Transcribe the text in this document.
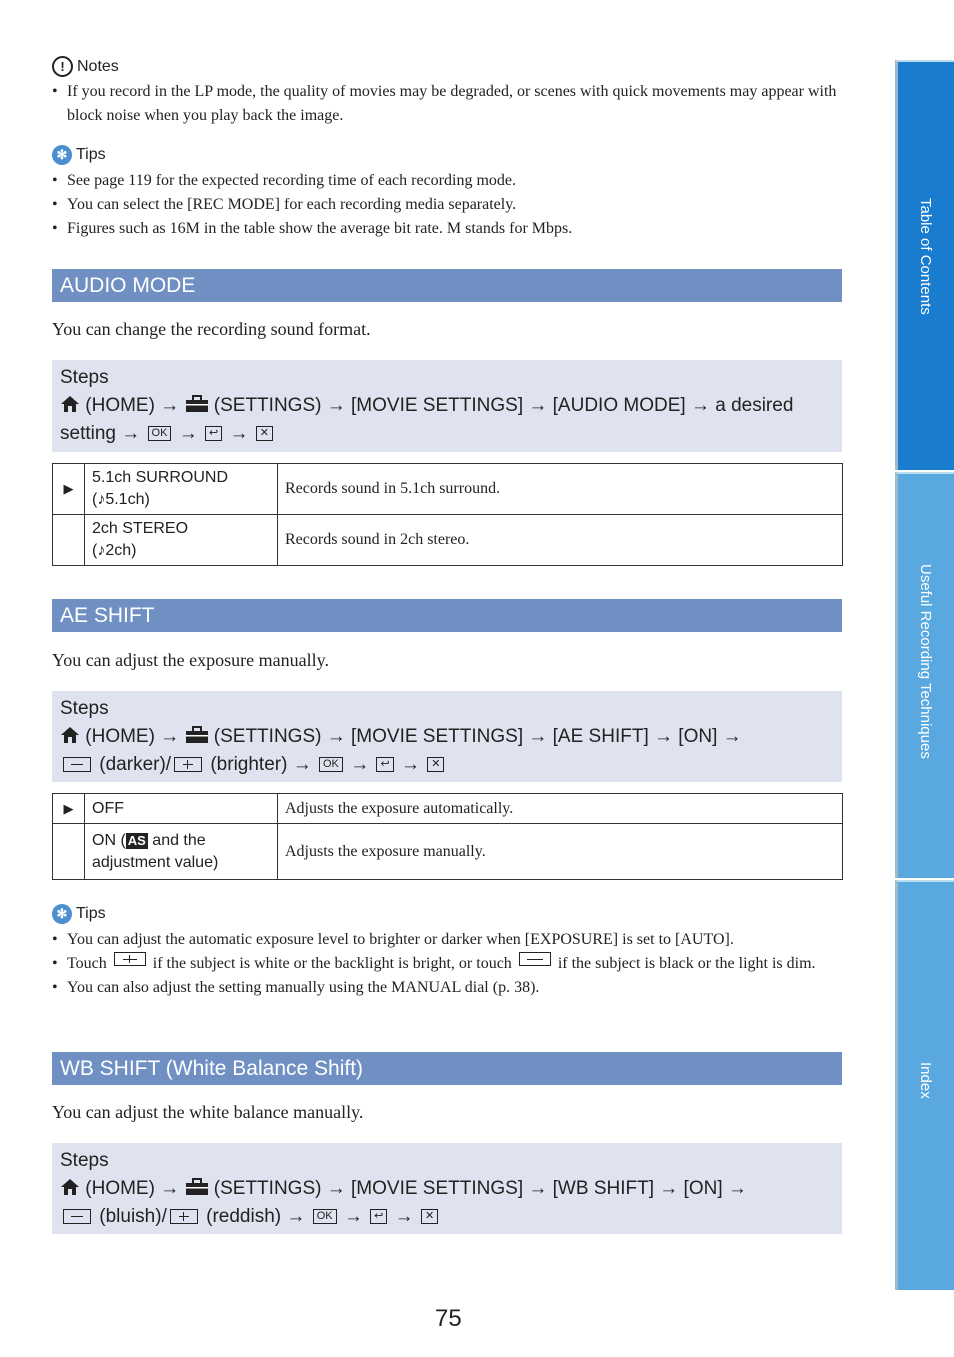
! Notes
• If you record in the LP mode, the quality of movies may be degraded, or scenes with quick movements may appear with block noise when you play back the image.
✻ Tips
• See page 119 for the expected recording time of each recording mode.
• You can select the [REC MODE] for each recording media separately.
• Figures such as 16M in the table show the average bit rate. M stands for Mbps.
AUDIO MODE
You can change the recording sound format.
Steps
(HOME) → (SETTINGS) → [MOVIE SETTINGS] → [AUDIO MODE] → a desired setting → OK → ↩ → ✕
▶	5.1ch SURROUND
(♪5.1ch)	Records sound in 5.1ch surround.

	2ch STEREO
(♪2ch)	Records sound in 2ch stereo.
AE SHIFT
You can adjust the exposure manually.
Steps
(HOME) → (SETTINGS) → [MOVIE SETTINGS] → [AE SHIFT] → [ON] →

(darker)/ (brighter) → OK → ↩ → ✕
▶	OFF	Adjusts the exposure automatically.
	ON ( AS and the adjustment value)	Adjusts the exposure manually.
✻ Tips
• You can adjust the automatic exposure level to brighter or darker when [EXPOSURE] is set to [AUTO].
• Touch	if the subject is white or the backlight is bright, or touch	if the subject is black or the light is dim.
• You can also adjust the setting manually using the MANUAL dial (p. 38).
WB SHIFT (White Balance Shift)
You can adjust the white balance manually.
Steps
(HOME) → (SETTINGS) → [MOVIE SETTINGS] → [WB SHIFT] → [ON] →

(bluish)/ (reddish) → OK → ↩ → ✕
Table of Contents
Useful Recording Techniques
Index
75
